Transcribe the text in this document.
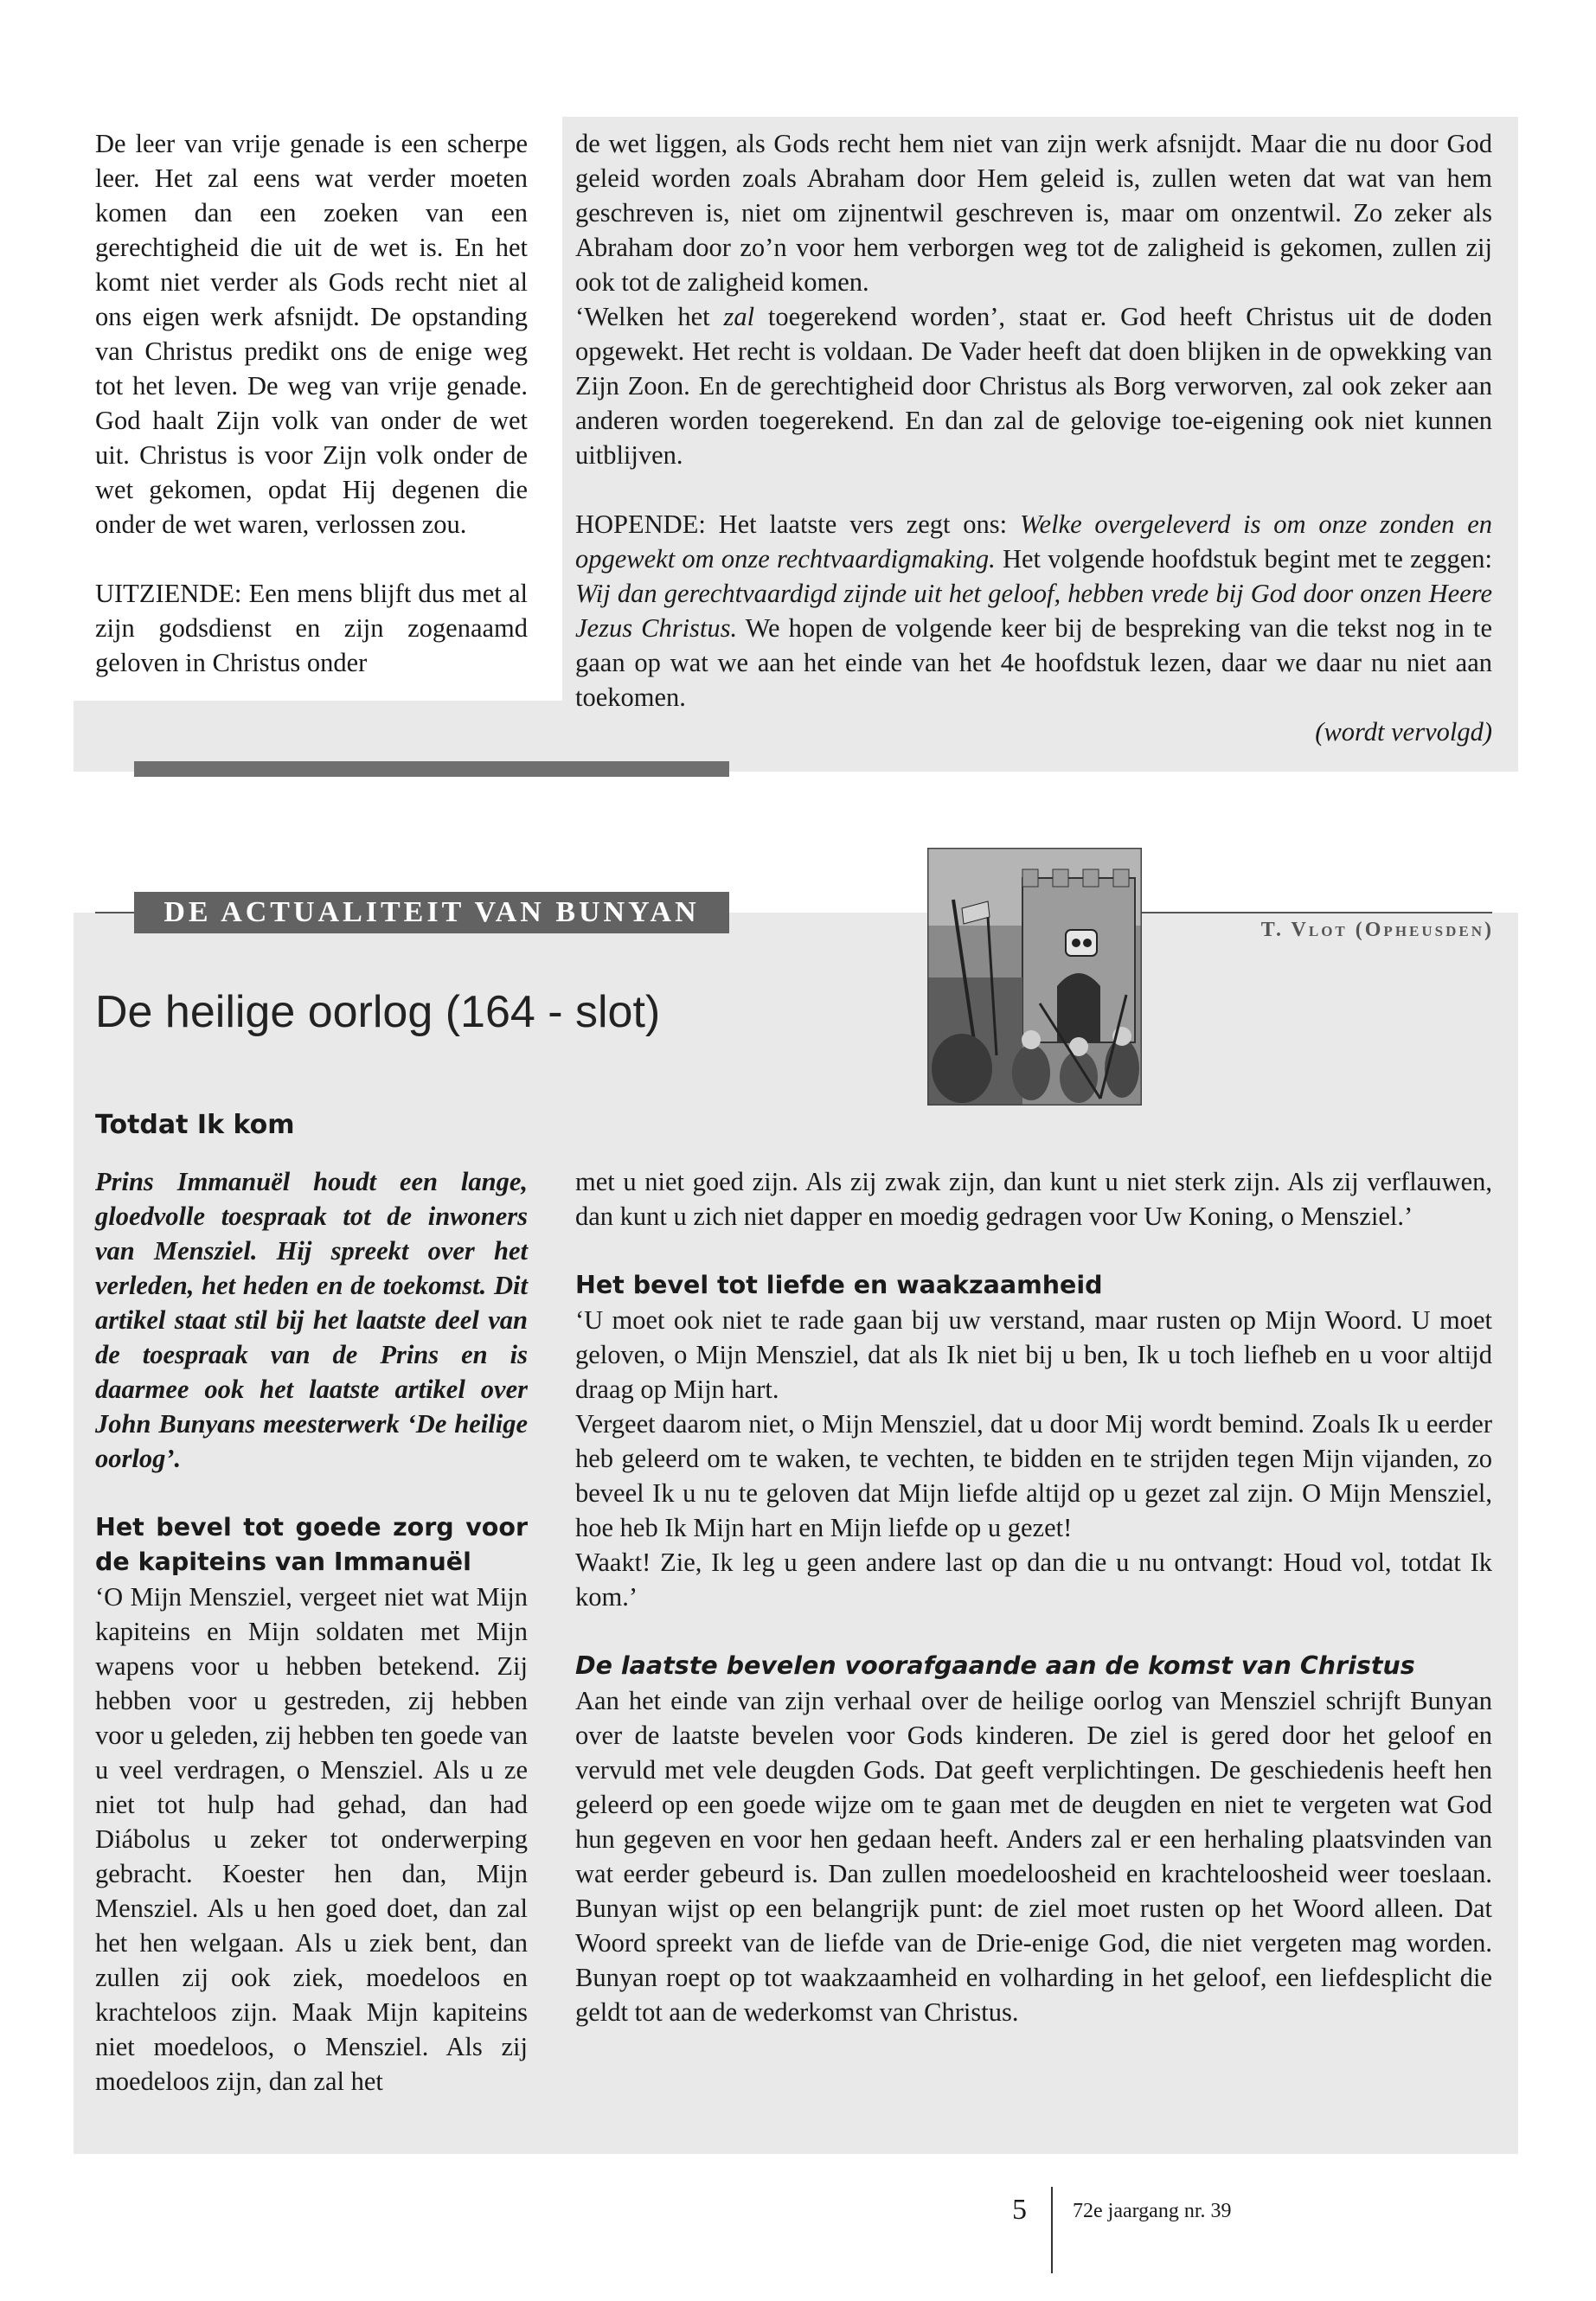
De leer van vrije genade is een scherpe leer. Het zal eens wat verder moeten komen dan een zoeken van een gerechtigheid die uit de wet is. En het komt niet verder als Gods recht niet al ons eigen werk afsnijdt. De opstanding van Christus predikt ons de enige weg tot het leven. De weg van vrije genade. God haalt Zijn volk van onder de wet uit. Christus is voor Zijn volk onder de wet gekomen, opdat Hij degenen die onder de wet waren, verlossen zou.

UITZIENDE: Een mens blijft dus met al zijn godsdienst en zijn zogenaamd geloven in Christus onder

de wet liggen, als Gods recht hem niet van zijn werk afsnijdt. Maar die nu door God geleid worden zoals Abraham door Hem geleid is, zullen weten dat wat van hem geschreven is, niet om zijnentwil geschreven is, maar om onzentwil. Zo zeker als Abraham door zo’n voor hem verborgen weg tot de zaligheid is gekomen, zullen zij ook tot de zaligheid komen.

‘Welken het zal toegerekend worden’, staat er. God heeft Christus uit de doden opgewekt. Het recht is voldaan. De Vader heeft dat doen blijken in de opwekking van Zijn Zoon. En de gerechtigheid door Christus als Borg verworven, zal ook zeker aan anderen worden toegerekend. En dan zal de gelovige toe-eigening ook niet kunnen uitblijven.

HOPENDE: Het laatste vers zegt ons: Welke overgeleverd is om onze zonden en opgewekt om onze rechtvaardigmaking. Het volgende hoofdstuk begint met te zeggen: Wij dan gerechtvaardigd zijnde uit het geloof, hebben vrede bij God door onzen Heere Jezus Christus. We hopen de volgende keer bij de bespreking van die tekst nog in te gaan op wat we aan het einde van het 4e hoofdstuk lezen, daar we daar nu niet aan toekomen.

(wordt vervolgd)

DE ACTUALITEIT VAN BUNYAN
T. Vlot (Opheusden)
De heilige oorlog (164 - slot)
Totdat Ik kom

Prins Immanuël houdt een lange, gloedvolle toespraak tot de inwoners van Mensziel. Hij spreekt over het verleden, het heden en de toekomst. Dit artikel staat stil bij het laatste deel van de toespraak van de Prins en is daarmee ook het laatste artikel over John Bunyans meesterwerk ‘De heilige oorlog’.

Het bevel tot goede zorg voor de kapiteins van Immanuël

‘O Mijn Mensziel, vergeet niet wat Mijn kapiteins en Mijn soldaten met Mijn wapens voor u hebben betekend. Zij hebben voor u gestreden, zij hebben voor u geleden, zij hebben ten goede van u veel verdragen, o Mensziel. Als u ze niet tot hulp had gehad, dan had Diábolus u zeker tot onderwerping gebracht. Koester hen dan, Mijn Mensziel. Als u hen goed doet, dan zal het hen welgaan. Als u ziek bent, dan zullen zij ook ziek, moedeloos en krachteloos zijn. Maak Mijn kapiteins niet moedeloos, o Mensziel. Als zij moedeloos zijn, dan zal het

met u niet goed zijn. Als zij zwak zijn, dan kunt u niet sterk zijn. Als zij verflauwen, dan kunt u zich niet dapper en moedig gedragen voor Uw Koning, o Mensziel.’

Het bevel tot liefde en waakzaamheid

‘U moet ook niet te rade gaan bij uw verstand, maar rusten op Mijn Woord. U moet geloven, o Mijn Mensziel, dat als Ik niet bij u ben, Ik u toch liefheb en u voor altijd draag op Mijn hart.

Vergeet daarom niet, o Mijn Mensziel, dat u door Mij wordt bemind. Zoals Ik u eerder heb geleerd om te waken, te vechten, te bidden en te strijden tegen Mijn vijanden, zo beveel Ik u nu te geloven dat Mijn liefde altijd op u gezet zal zijn. O Mijn Mensziel, hoe heb Ik Mijn hart en Mijn liefde op u gezet!

Waakt! Zie, Ik leg u geen andere last op dan die u nu ontvangt: Houd vol, totdat Ik kom.’

De laatste bevelen voorafgaande aan de komst van Christus

Aan het einde van zijn verhaal over de heilige oorlog van Mensziel schrijft Bunyan over de laatste bevelen voor Gods kinderen. De ziel is gered door het geloof en vervuld met vele deugden Gods. Dat geeft verplichtingen. De geschiedenis heeft hen geleerd op een goede wijze om te gaan met de deugden en niet te vergeten wat God hun gegeven en voor hen gedaan heeft. Anders zal er een herhaling plaatsvinden van wat eerder gebeurd is. Dan zullen moedeloosheid en krachteloosheid weer toeslaan. Bunyan wijst op een belangrijk punt: de ziel moet rusten op het Woord alleen. Dat Woord spreekt van de liefde van de Drie-enige God, die niet vergeten mag worden. Bunyan roept op tot waakzaamheid en volharding in het geloof, een liefdesplicht die geldt tot aan de wederkomst van Christus.

5 72e jaargang nr. 39
